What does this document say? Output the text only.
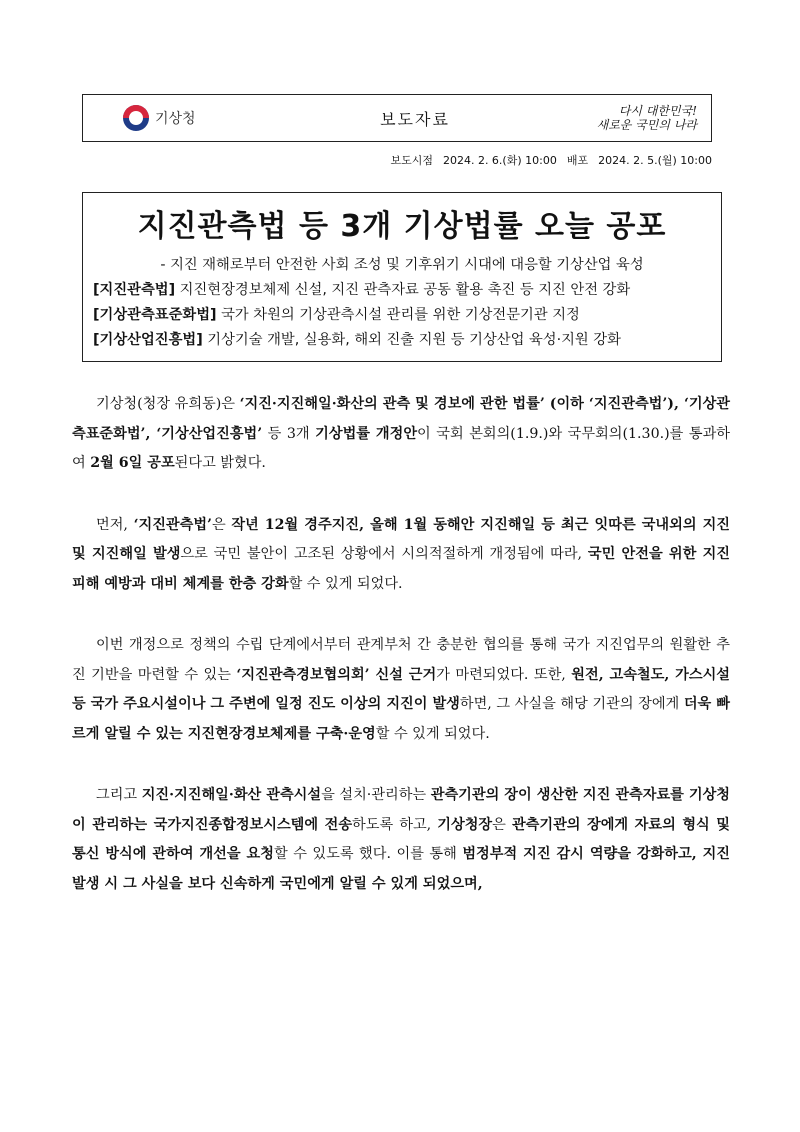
기상청	보도자료	다시 대한민국!
새로운 국민의 나라
보도시점 2024. 2. 6.(화) 10:00 배포 2024. 2. 5.(월) 10:00
지진관측법 등 3개 기상법률 오늘 공포
- 지진 재해로부터 안전한 사회 조성 및 기후위기 시대에 대응할 기상산업 육성
[지진관측법] 지진현장경보체제 신설, 지진 관측자료 공동 활용 촉진 등 지진 안전 강화
[기상관측표준화법] 국가 차원의 기상관측시설 관리를 위한 기상전문기관 지정
[기상산업진흥법] 기상기술 개발, 실용화, 해외 진출 지원 등 기상산업 육성·지원 강화

기상청(청장 유희동)은 ‘지진·지진해일·화산의 관측 및 경보에 관한 법률’ (이하 ‘지진관측법’), ‘기상관측표준화법’, ‘기상산업진흥법’ 등 3개 기상법률 개정안이 국회 본회의(1.9.)와 국무회의(1.30.)를 통과하여 2월 6일 공포된다고 밝혔다.

먼저, ‘지진관측법’은 작년 12월 경주지진, 올해 1월 동해안 지진해일 등 최근 잇따른 국내외의 지진 및 지진해일 발생으로 국민 불안이 고조된 상황에서 시의적절하게 개정됨에 따라, 국민 안전을 위한 지진 피해 예방과 대비 체계를 한층 강화할 수 있게 되었다.

이번 개정으로 정책의 수립 단계에서부터 관계부처 간 충분한 협의를 통해 국가 지진업무의 원활한 추진 기반을 마련할 수 있는 ‘지진관측경보협의회’ 신설 근거가 마련되었다. 또한, 원전, 고속철도, 가스시설 등 국가 주요시설이나 그 주변에 일정 진도 이상의 지진이 발생하면, 그 사실을 해당 기관의 장에게 더욱 빠르게 알릴 수 있는 지진현장경보체제를 구축·운영할 수 있게 되었다.

그리고 지진·지진해일·화산 관측시설을 설치·관리하는 관측기관의 장이 생산한 지진 관측자료를 기상청이 관리하는 국가지진종합정보시스템에 전송하도록 하고, 기상청장은 관측기관의 장에게 자료의 형식 및 통신 방식에 관하여 개선을 요청할 수 있도록 했다. 이를 통해 범정부적 지진 감시 역량을 강화하고, 지진 발생 시 그 사실을 보다 신속하게 국민에게 알릴 수 있게 되었으며,
